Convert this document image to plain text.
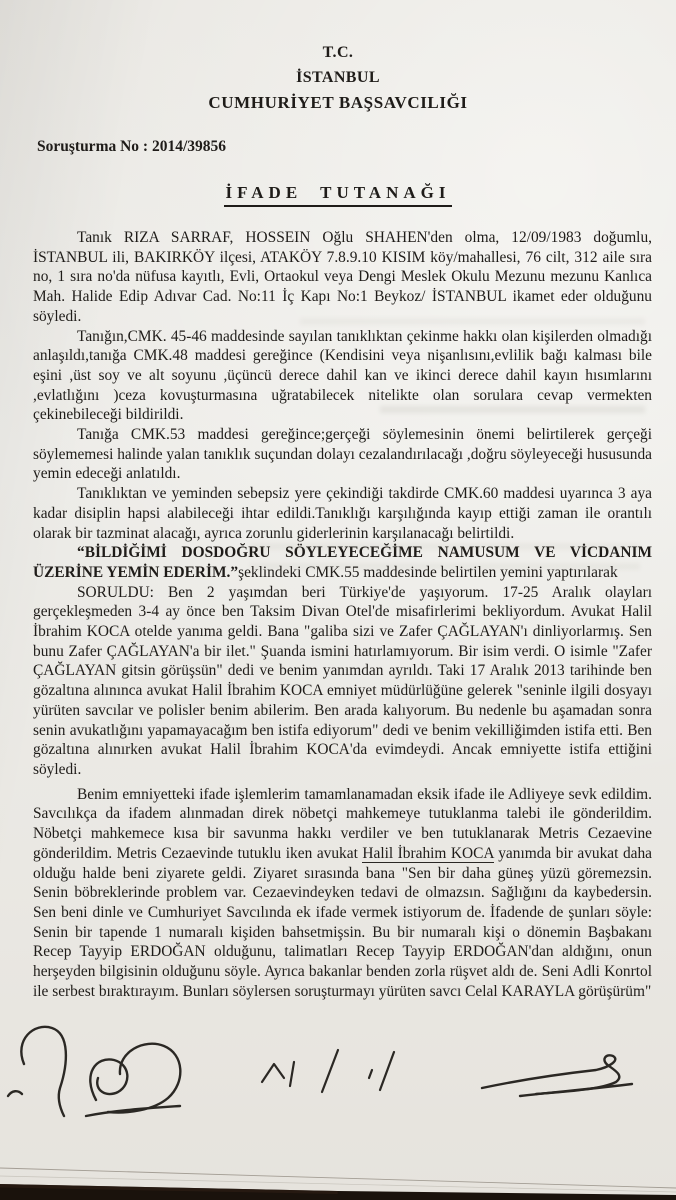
T.C.
İSTANBUL
CUMHURİYET BAŞSAVCILIĞI
Soruşturma No : 2014/39856
İFADE TUTANAĞI

Tanık RIZA SARRAF, HOSSEIN Oğlu SHAHEN'den olma, 12/09/1983 doğumlu, İSTANBUL ili, BAKIRKÖY ilçesi, ATAKÖY 7.8.9.10 KISIM köy/mahallesi, 76 cilt, 312 aile sıra no, 1 sıra no'da nüfusa kayıtlı, Evli, Ortaokul veya Dengi Meslek Okulu Mezunu mezunu Kanlıca Mah. Halide Edip Adıvar Cad. No:11 İç Kapı No:1 Beykoz/ İSTANBUL ikamet eder olduğunu söyledi.

Tanığın,CMK. 45-46 maddesinde sayılan tanıklıktan çekinme hakkı olan kişilerden olmadığı anlaşıldı,tanığa CMK.48 maddesi gereğince (Kendisini veya nişanlısını,evlilik bağı kalması bile eşini ,üst soy ve alt soyunu ,üçüncü derece dahil kan ve ikinci derece dahil kayın hısımlarını ,evlatlığını )ceza kovuşturmasına uğratabilecek nitelikte olan sorulara cevap vermekten çekinebileceği bildirildi.

Tanığa CMK.53 maddesi gereğince;gerçeği söylemesinin önemi belirtilerek gerçeği söylememesi halinde yalan tanıklık suçundan dolayı cezalandırılacağı ,doğru söyleyeceği hususunda yemin edeceği anlatıldı.

Tanıklıktan ve yeminden sebepsiz yere çekindiği takdirde CMK.60 maddesi uyarınca 3 aya kadar disiplin hapsi alabileceği ihtar edildi.Tanıklığı karşılığında kayıp ettiği zaman ile orantılı olarak bir tazminat alacağı, ayrıca zorunlu giderlerinin karşılanacağı belirtildi.

“BİLDİĞİMİ DOSDOĞRU SÖYLEYECEĞİME NAMUSUM VE VİCDANIM ÜZERİNE YEMİN EDERİM.”şeklindeki CMK.55 maddesinde belirtilen yemini yaptırılarak

SORULDU: Ben 2 yaşımdan beri Türkiye'de yaşıyorum. 17-25 Aralık olayları gerçekleşmeden 3-4 ay önce ben Taksim Divan Otel'de misafirlerimi bekliyordum. Avukat Halil İbrahim KOCA otelde yanıma geldi. Bana "galiba sizi ve Zafer ÇAĞLAYAN'ı dinliyorlarmış. Sen bunu Zafer ÇAĞLAYAN'a bir ilet." Şuanda ismini hatırlamıyorum. Bir isim verdi. O isimle "Zafer ÇAĞLAYAN gitsin görüşsün" dedi ve benim yanımdan ayrıldı. Taki 17 Aralık 2013 tarihinde ben gözaltına alınınca avukat Halil İbrahim KOCA emniyet müdürlüğüne gelerek "seninle ilgili dosyayı yürüten savcılar ve polisler benim abilerim. Ben arada kalıyorum. Bu nedenle bu aşamadan sonra senin avukatlığını yapamayacağım ben istifa ediyorum" dedi ve benim vekilliğimden istifa etti. Ben gözaltına alınırken avukat Halil İbrahim KOCA'da evimdeydi. Ancak emniyette istifa ettiğini söyledi.

Benim emniyetteki ifade işlemlerim tamamlanamadan eksik ifade ile Adliyeye sevk edildim. Savcılıkça da ifadem alınmadan direk nöbetçi mahkemeye tutuklanma talebi ile gönderildim. Nöbetçi mahkemece kısa bir savunma hakkı verdiler ve ben tutuklanarak Metris Cezaevine gönderildim. Metris Cezaevinde tutuklu iken avukat Halil İbrahim KOCA yanımda bir avukat daha olduğu halde beni ziyarete geldi. Ziyaret sırasında bana "Sen bir daha güneş yüzü göremezsin. Senin böbreklerinde problem var. Cezaevindeyken tedavi de olmazsın. Sağlığını da kaybedersin. Sen beni dinle ve Cumhuriyet Savcılında ek ifade vermek istiyorum de. İfadende de şunları söyle: Senin bir tapende 1 numaralı kişiden bahsetmişsin. Bu bir numaralı kişi o dönemin Başbakanı Recep Tayyip ERDOĞAN olduğunu, talimatları Recep Tayyip ERDOĞAN'dan aldığını, onun herşeyden bilgisinin olduğunu söyle. Ayrıca bakanlar benden zorla rüşvet aldı de. Seni Adli Konrtol ile serbest bıraktırayım. Bunları söylersen soruşturmayı yürüten savcı Celal KARAYLA görüşürüm"
